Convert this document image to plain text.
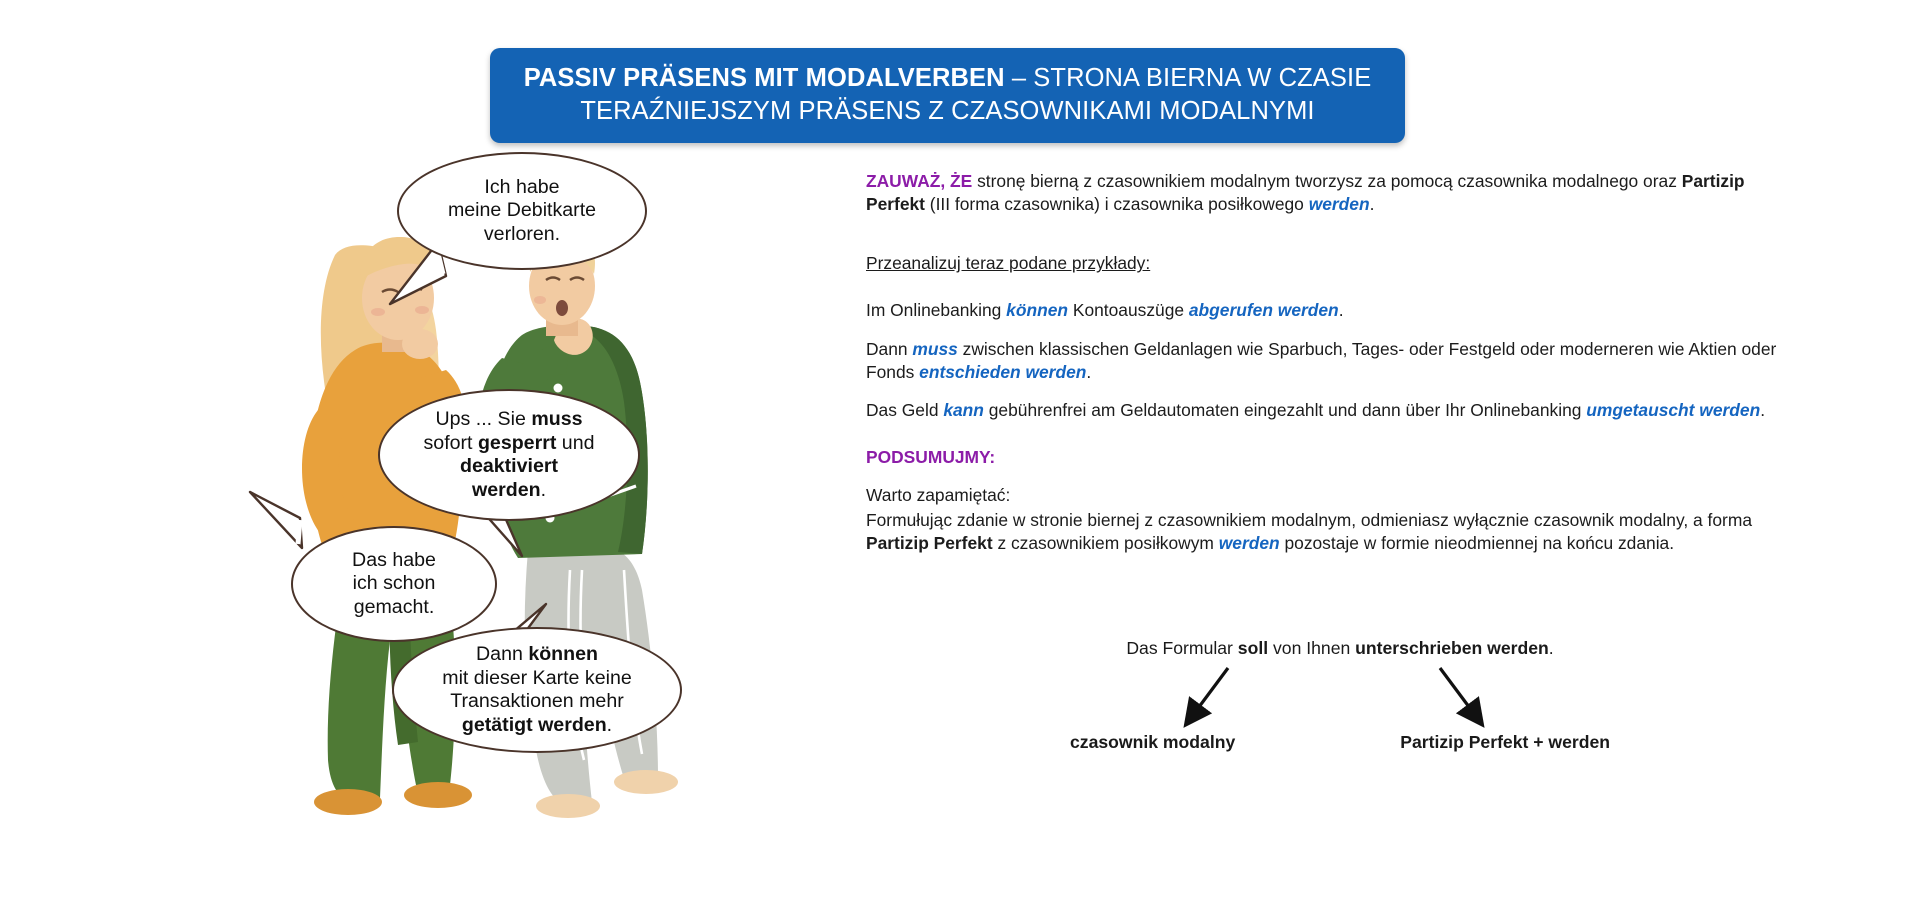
PASSIV PRÄSENS MIT MODALVERBEN – STRONA BIERNA W CZASIE
TERAŹNIEJSZYM PRÄSENS Z CZASOWNIKAMI MODALNYMI
Ich habe
meine Debitkarte
verloren.
Ups ... Sie muss
sofort gesperrt und
deaktiviert
werden.
Das habe
ich schon
gemacht.
Dann können
mit dieser Karte keine
Transaktionen mehr
getätigt werden.

ZAUWAŻ, ŻE stronę bierną z czasownikiem modalnym tworzysz za pomocą czasownika modalnego oraz Partizip Perfekt (III forma czasownika) i czasownika posiłkowego werden.

Przeanalizuj teraz podane przykłady:

Im Onlinebanking können Kontoauszüge abgerufen werden.

Dann muss zwischen klassischen Geldanlagen wie Sparbuch, Tages- oder Festgeld oder moderneren wie Aktien oder Fonds entschieden werden.

Das Geld kann gebührenfrei am Geldautomaten eingezahlt und dann über Ihr Onlinebanking umgetauscht werden.

PODSUMUJMY:

Warto zapamiętać:

Formułując zdanie w stronie biernej z czasownikiem modalnym, odmieniasz wyłącznie czasownik modalny, a forma Partizip Perfekt z czasownikiem posiłkowym werden pozostaje w formie nieodmiennej na końcu zdania.

Das Formular soll von Ihnen unterschrieben werden.
czasownik modalny	Partizip Perfekt + werden
